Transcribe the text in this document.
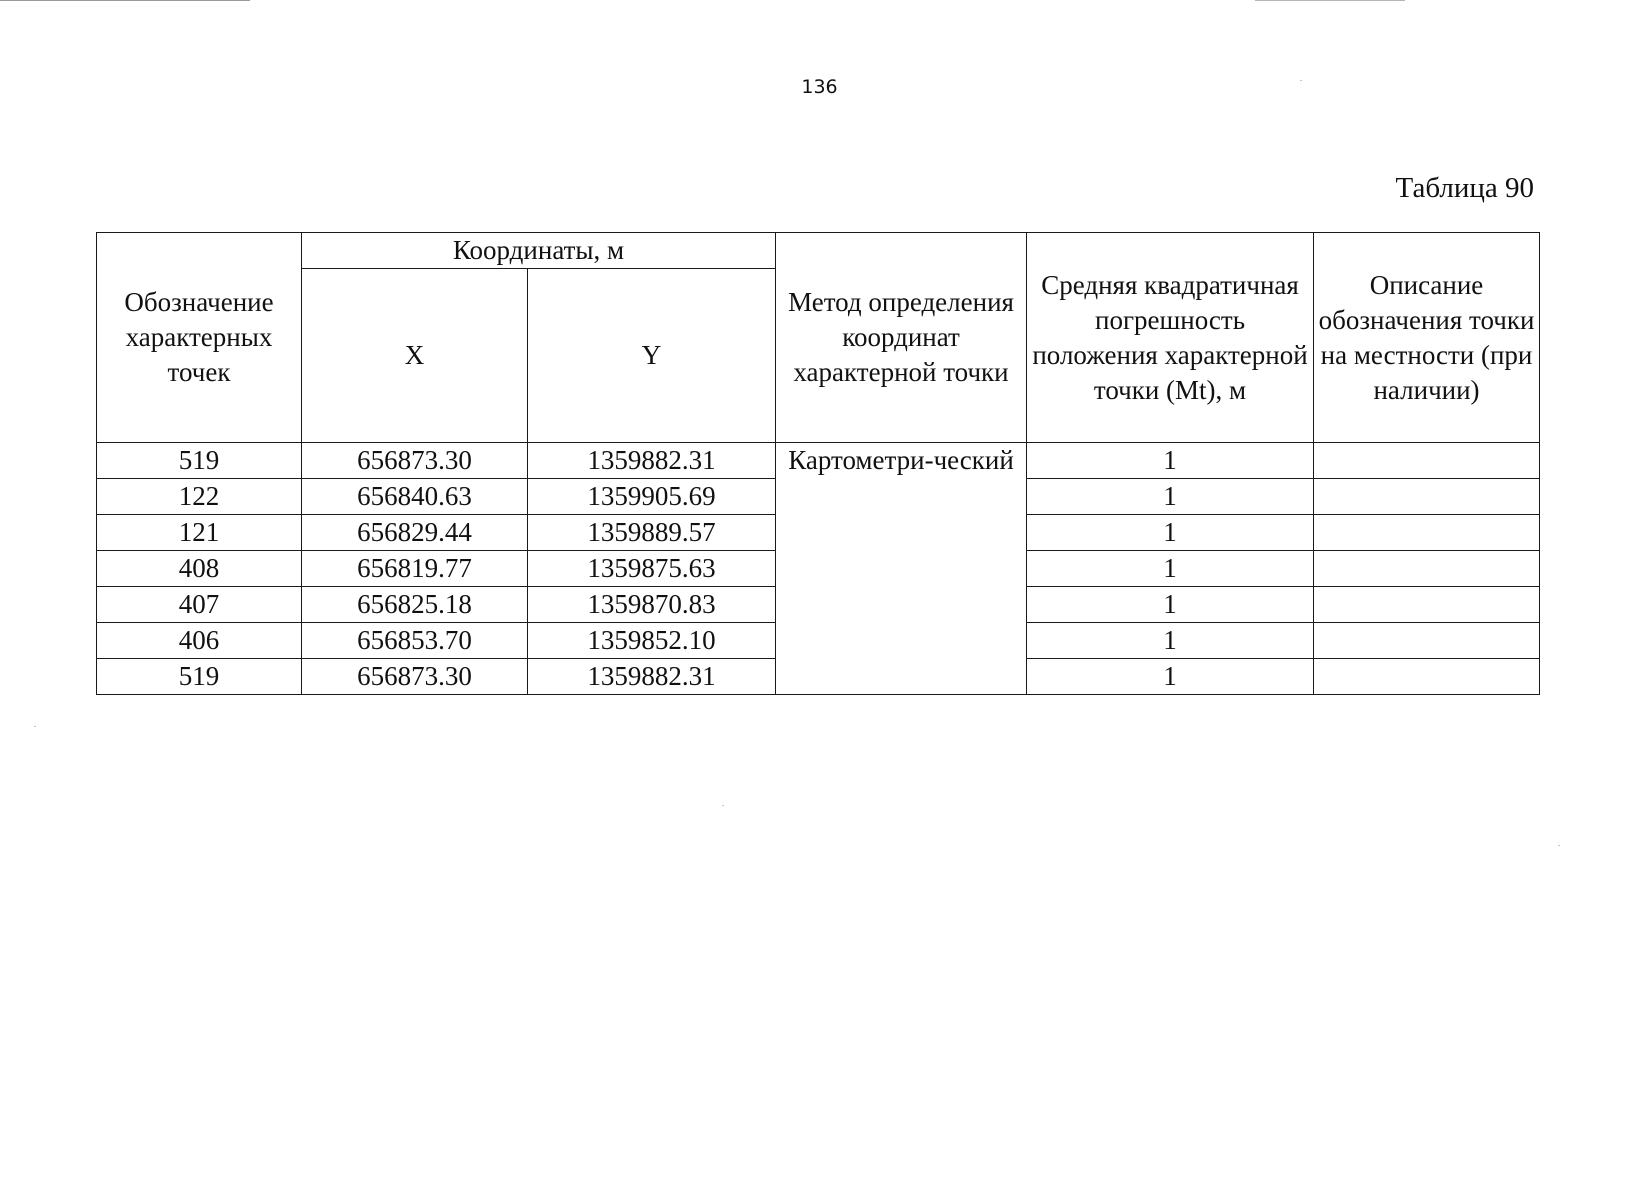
136
Таблица 90
Обозначение характерных точек	Координаты, м		Метод определения координат характерной точки	Средняя квадратичная погрешность положения характерной точки (Mt), м	Описание обозначения точки на местности (при наличии)
	X	Y			
519	656873.30	1359882.31	Картометри-ческий	1	
122	656840.63	1359905.69		1	
121	656829.44	1359889.57		1	
408	656819.77	1359875.63		1	
407	656825.18	1359870.83		1	
406	656853.70	1359852.10		1	
519	656873.30	1359882.31		1	
